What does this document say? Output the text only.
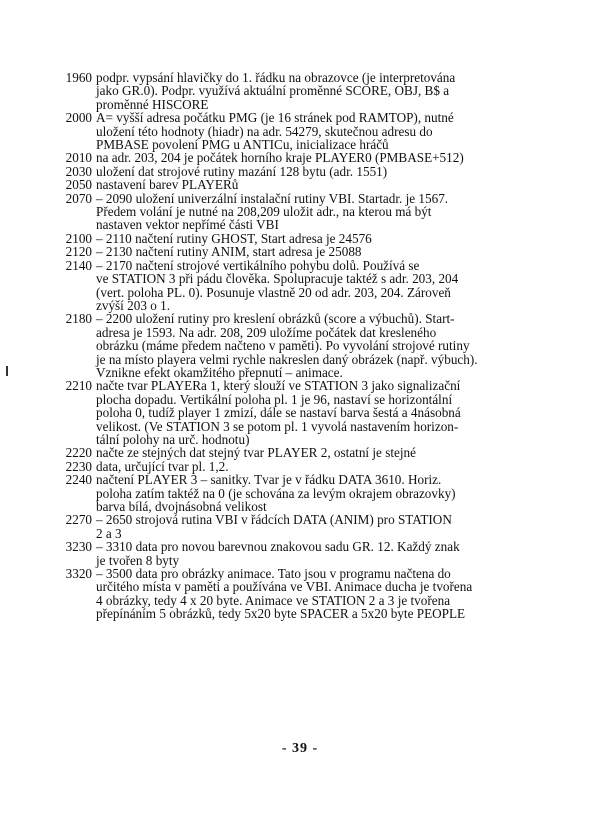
1960 podpr. vypsání hlavičky do 1. řádku na obrazovce (je interpretována
jako GR.0). Podpr. využívá aktuální proměnné SCORE, OBJ, B$ a
proměnné HISCORE
2000 A= vyšší adresa počátku PMG (je 16 stránek pod RAMTOP), nutné
uložení této hodnoty (hiadr) na adr. 54279, skutečnou adresu do
PMBASE povolení PMG u ANTICu, inicializace hráčů
2010 na adr. 203, 204 je počátek horního kraje PLAYER0 (PMBASE+512)
2030 uložení dat strojové rutiny mazání 128 bytu (adr. 1551)
2050 nastavení barev PLAYERů
2070 – 2090 uložení univerzální instalační rutiny VBI. Startadr. je 1567.
Předem volání je nutné na 208,209 uložit adr., na kterou má být
nastaven vektor nepřímé části VBI
2100 – 2110 načtení rutiny GHOST, Start adresa je 24576
2120 – 2130 načtení rutiny ANIM, start adresa je 25088
2140 – 2170 načtení strojové vertikálního pohybu dolů. Používá se
ve STATION 3 při pádu člověka. Spolupracuje taktéž s adr. 203, 204
(vert. poloha PL. 0). Posunuje vlastně 20 od adr. 203, 204. Zároveň
zvýší 203 o 1.
2180 – 2200 uložení rutiny pro kreslení obrázků (score a výbuchů). Start-
adresa je 1593. Na adr. 208, 209 uložíme počátek dat kresleného
obrázku (máme předem načteno v paměti). Po vyvolání strojové rutiny
je na místo playera velmi rychle nakreslen daný obrázek (např. výbuch).
Vznikne efekt okamžitého přepnutí – animace.
2210 načte tvar PLAYERa 1, který slouží ve STATION 3 jako signalizační
plocha dopadu. Vertikální poloha pl. 1 je 96, nastaví se horizontální
poloha 0, tudíž player 1 zmizí, dále se nastaví barva šestá a 4násobná
velikost. (Ve STATION 3 se potom pl. 1 vyvolá nastavením horizon-
tální polohy na urč. hodnotu)
2220 načte ze stejných dat stejný tvar PLAYER 2, ostatní je stejné
2230 data, určující tvar pl. 1,2.
2240 načtení PLAYER 3 – sanitky. Tvar je v řádku DATA 3610. Horiz.
poloha zatím taktéž na 0 (je schována za levým okrajem obrazovky)
barva bílá, dvojnásobná velikost
2270 – 2650 strojová rutina VBI v řádcích DATA (ANIM) pro STATION
2 a 3
3230 – 3310 data pro novou barevnou znakovou sadu GR. 12. Každý znak
je tvořen 8 byty
3320 – 3500 data pro obrázky animace. Tato jsou v programu načtena do
určitého místa v paměti a používána ve VBI. Animace ducha je tvořena
4 obrázky, tedy 4 x 20 byte. Animace ve STATION 2 a 3 je tvořena
přepínáním 5 obrázků, tedy 5x20 byte SPACER a 5x20 byte PEOPLE
- 39 -
